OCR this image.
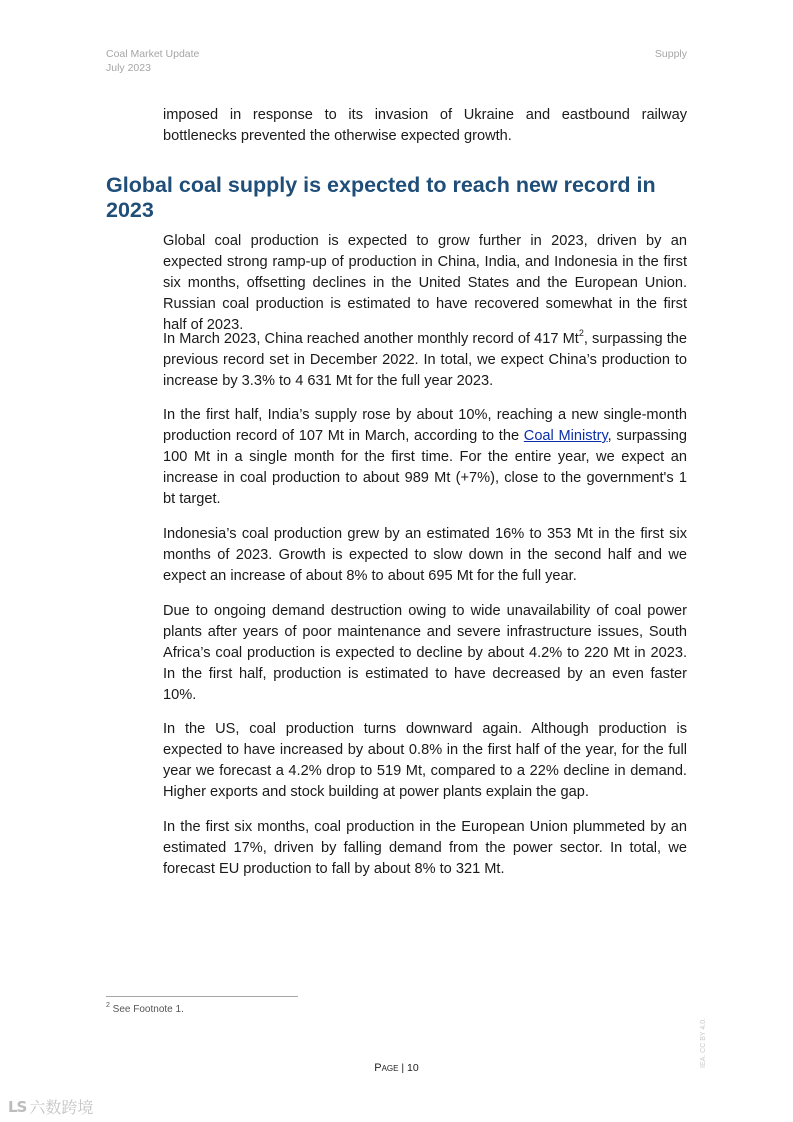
Coal Market Update
July 2023
Supply

imposed in response to its invasion of Ukraine and eastbound railway bottlenecks prevented the otherwise expected growth.

Global coal supply is expected to reach new record in 2023

Global coal production is expected to grow further in 2023, driven by an expected strong ramp-up of production in China, India, and Indonesia in the first six months, offsetting declines in the United States and the European Union. Russian coal production is estimated to have recovered somewhat in the first half of 2023.

In March 2023, China reached another monthly record of 417 Mt$^2$, surpassing the previous record set in December 2022. In total, we expect China’s production to increase by 3.3% to 4 631 Mt for the full year 2023.

In the first half, India’s supply rose by about 10%, reaching a new single-month production record of 107 Mt in March, according to the Coal Ministry, surpassing 100 Mt in a single month for the first time. For the entire year, we expect an increase in coal production to about 989 Mt (+7%), close to the government's 1 bt target.

Indonesia’s coal production grew by an estimated 16% to 353 Mt in the first six months of 2023. Growth is expected to slow down in the second half and we expect an increase of about 8% to about 695 Mt for the full year.

Due to ongoing demand destruction owing to wide unavailability of coal power plants after years of poor maintenance and severe infrastructure issues, South Africa’s coal production is expected to decline by about 4.2% to 220 Mt in 2023. In the first half, production is estimated to have decreased by an even faster 10%.

In the US, coal production turns downward again. Although production is expected to have increased by about 0.8% in the first half of the year, for the full year we forecast a 4.2% drop to 519 Mt, compared to a 22% decline in demand. Higher exports and stock building at power plants explain the gap.

In the first six months, coal production in the European Union plummeted by an estimated 17%, driven by falling demand from the power sector. In total, we forecast EU production to fall by about 8% to 321 Mt.

$^2$ See Footnote 1.
Page | 10	IEA. CC BY 4.0.
LS 六数跨境
